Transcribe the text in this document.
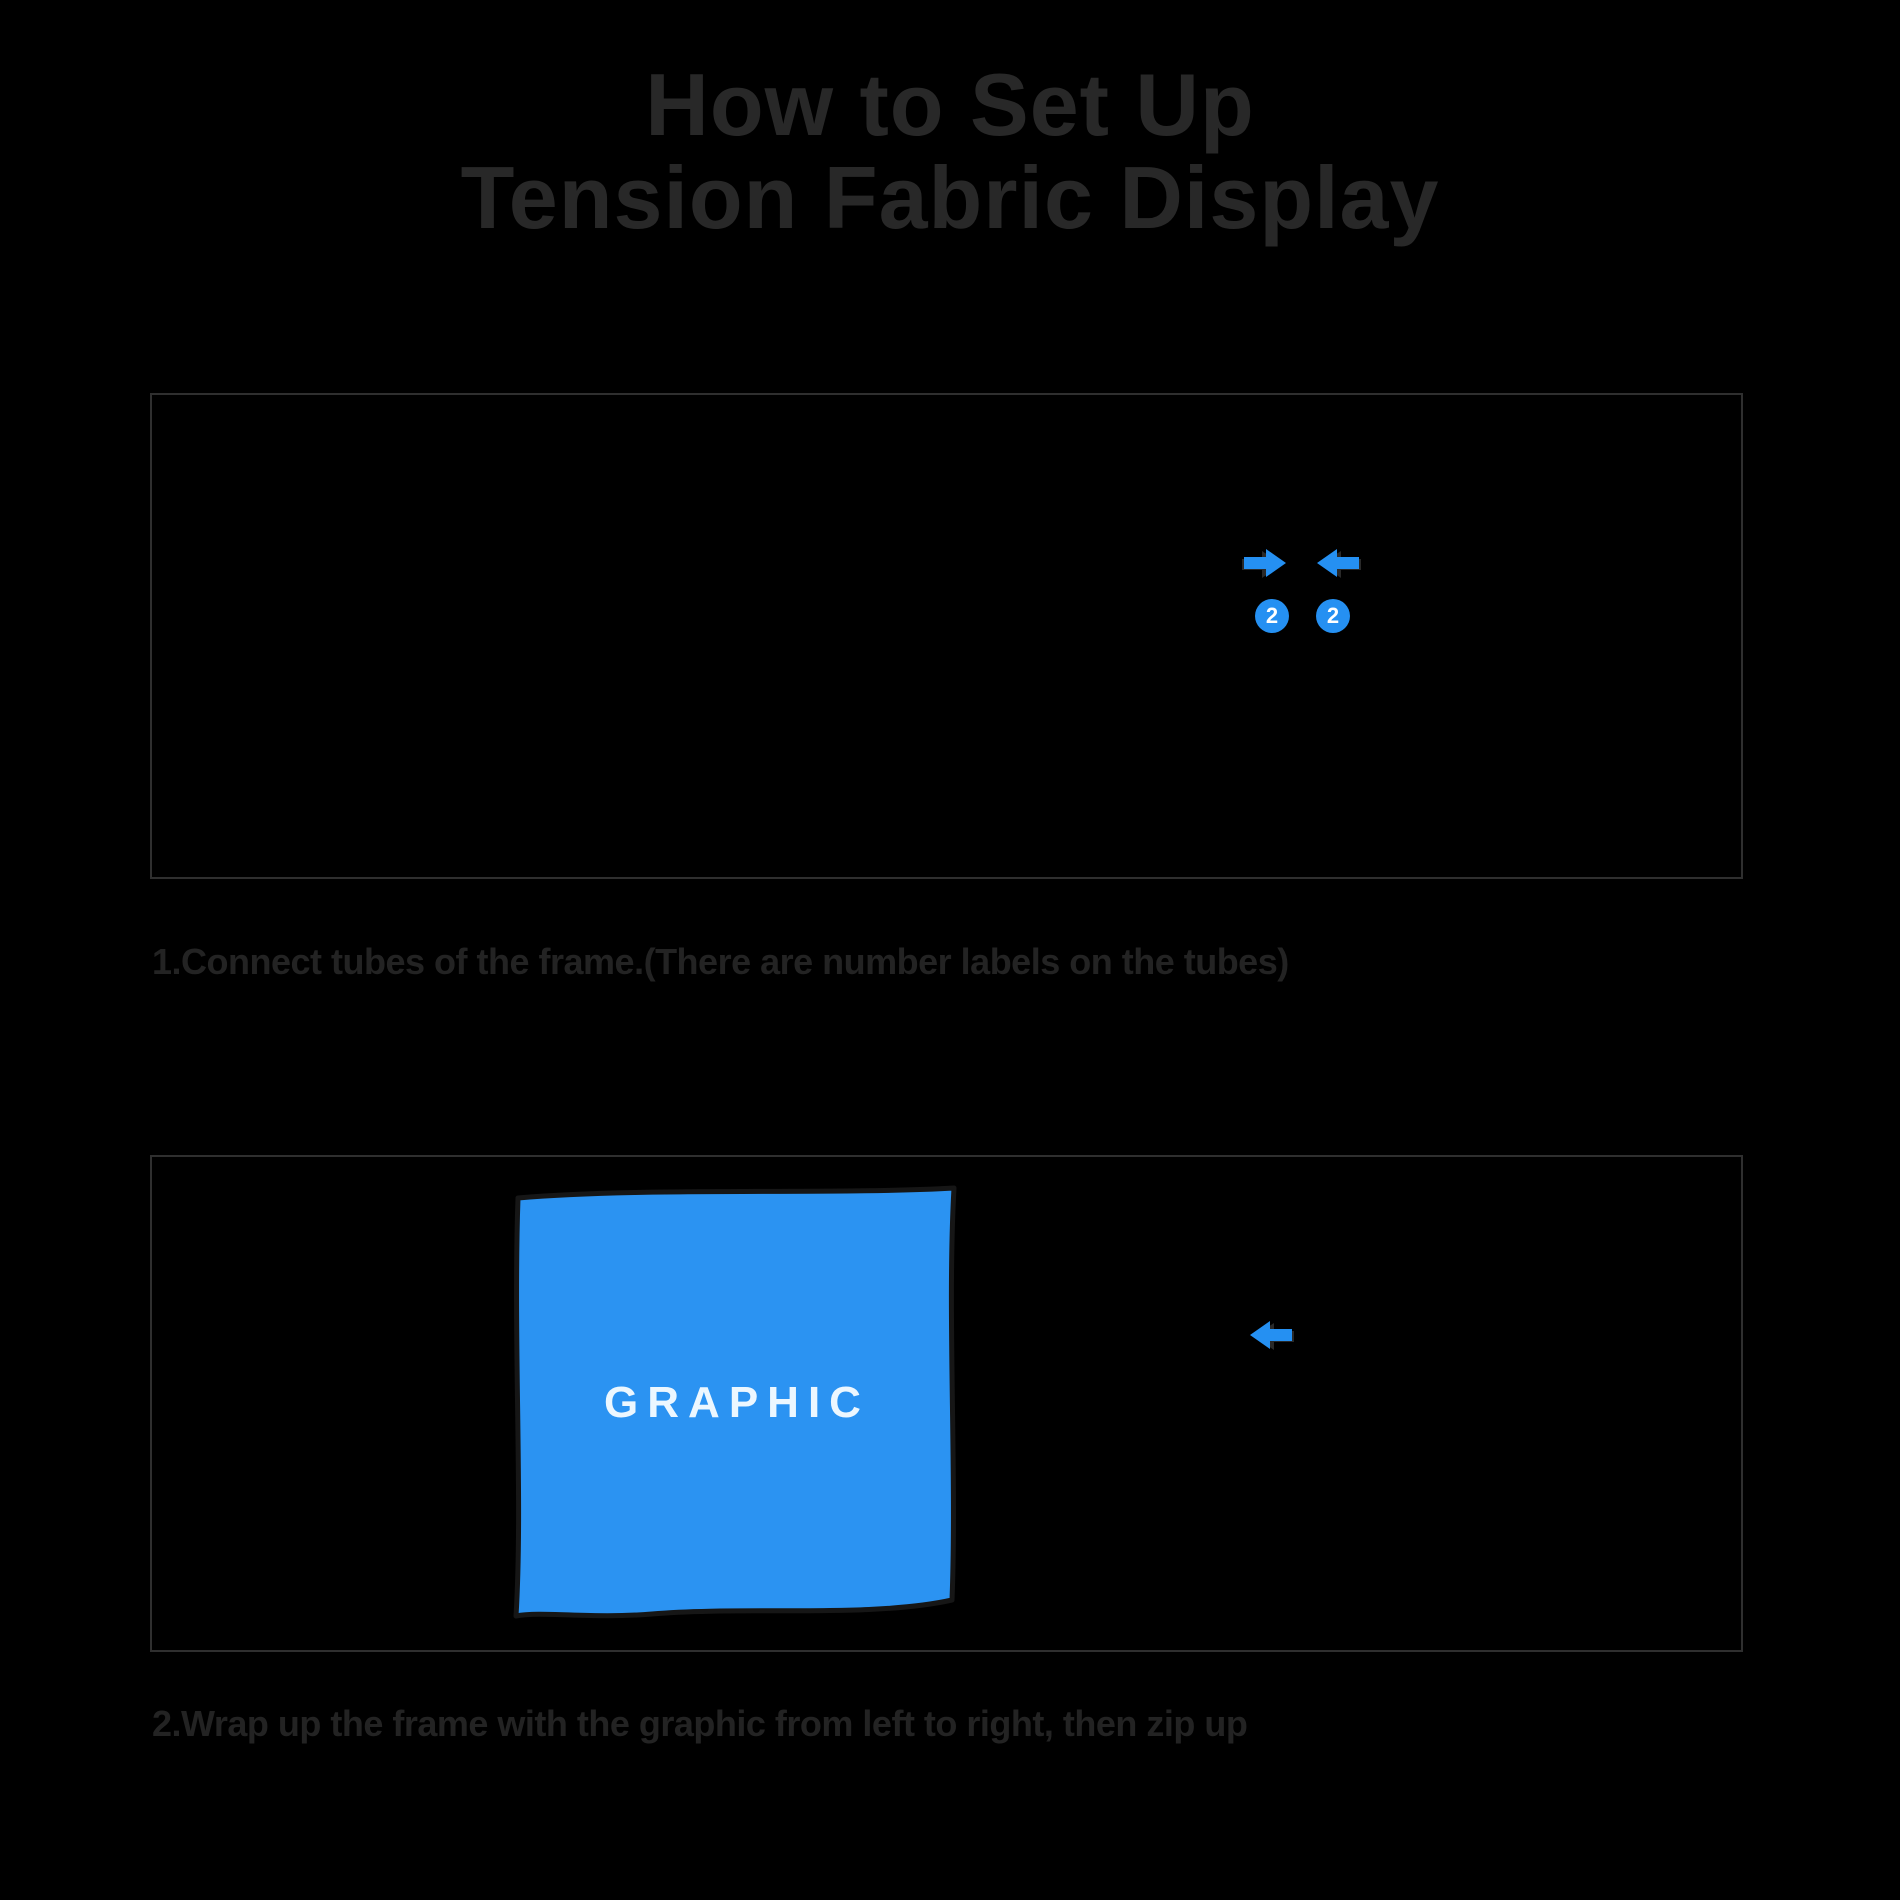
How to Set Up
Tension Fabric Display
2	2
1.Connect tubes of the frame.(There are number labels on the tubes)
GRAPHIC
2.Wrap up the frame with the graphic from left to right, then zip up
